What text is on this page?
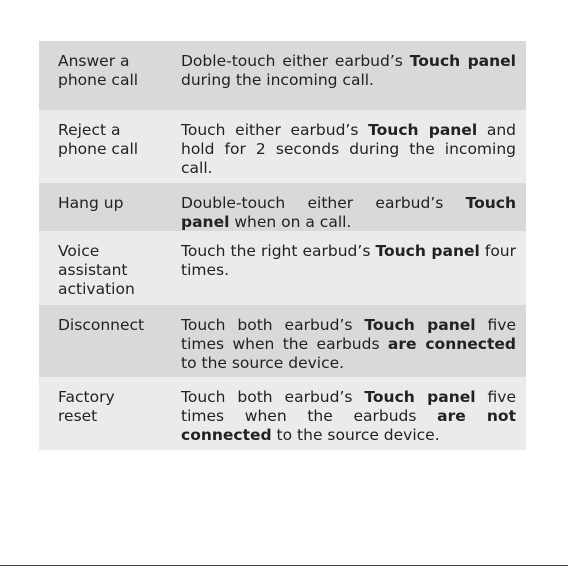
Answer a
phone call
Doble-touch either earbud’s Touch panel during the incoming call.
Reject a
phone call
Touch either earbud’s Touch panel and hold for 2 seconds during the incoming call.
Hang up	Double-touch either earbud’s Touch panel when on a call.
Voice
assistant
activation
Touch the right earbud’s Touch panel four times.
Disconnect	Touch both earbud’s Touch panel five times when the earbuds are connected to the source device.
Factory
reset
Touch both earbud’s Touch panel five times when the earbuds are not connected to the source device.
